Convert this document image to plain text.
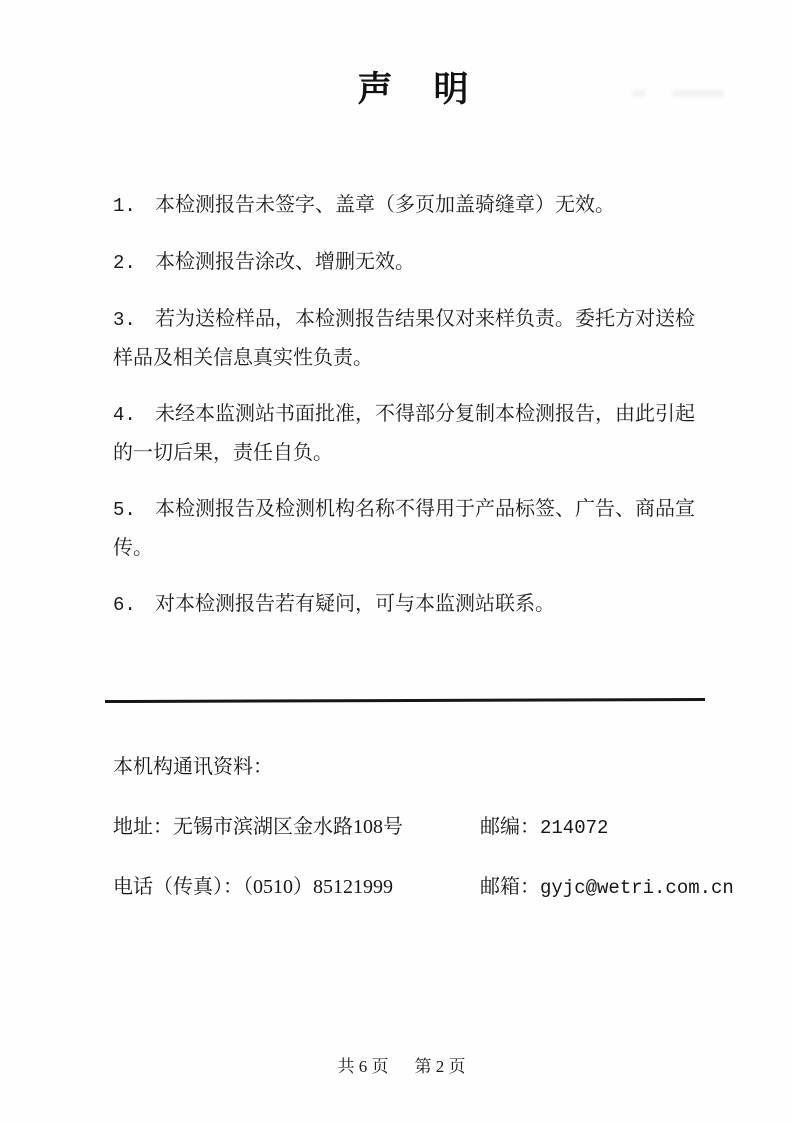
声　明
1. 本检测报告未签字、盖章（多页加盖骑缝章）无效。
2. 本检测报告涂改、增删无效。
3. 若为送检样品，本检测报告结果仅对来样负责。委托方对送检
样品及相关信息真实性负责。
4. 未经本监测站书面批准，不得部分复制本检测报告，由此引起
的一切后果，责任自负。
5. 本检测报告及检测机构名称不得用于产品标签、广告、商品宣
传。
6. 对本检测报告若有疑问，可与本监测站联系。

本机构通讯资料：

地址：无锡市滨湖区金水路108号	邮编：214072
电话（传真）：（0510）85121999	邮箱：gyjc@wetri.com.cn
共 6 页 第 2 页
